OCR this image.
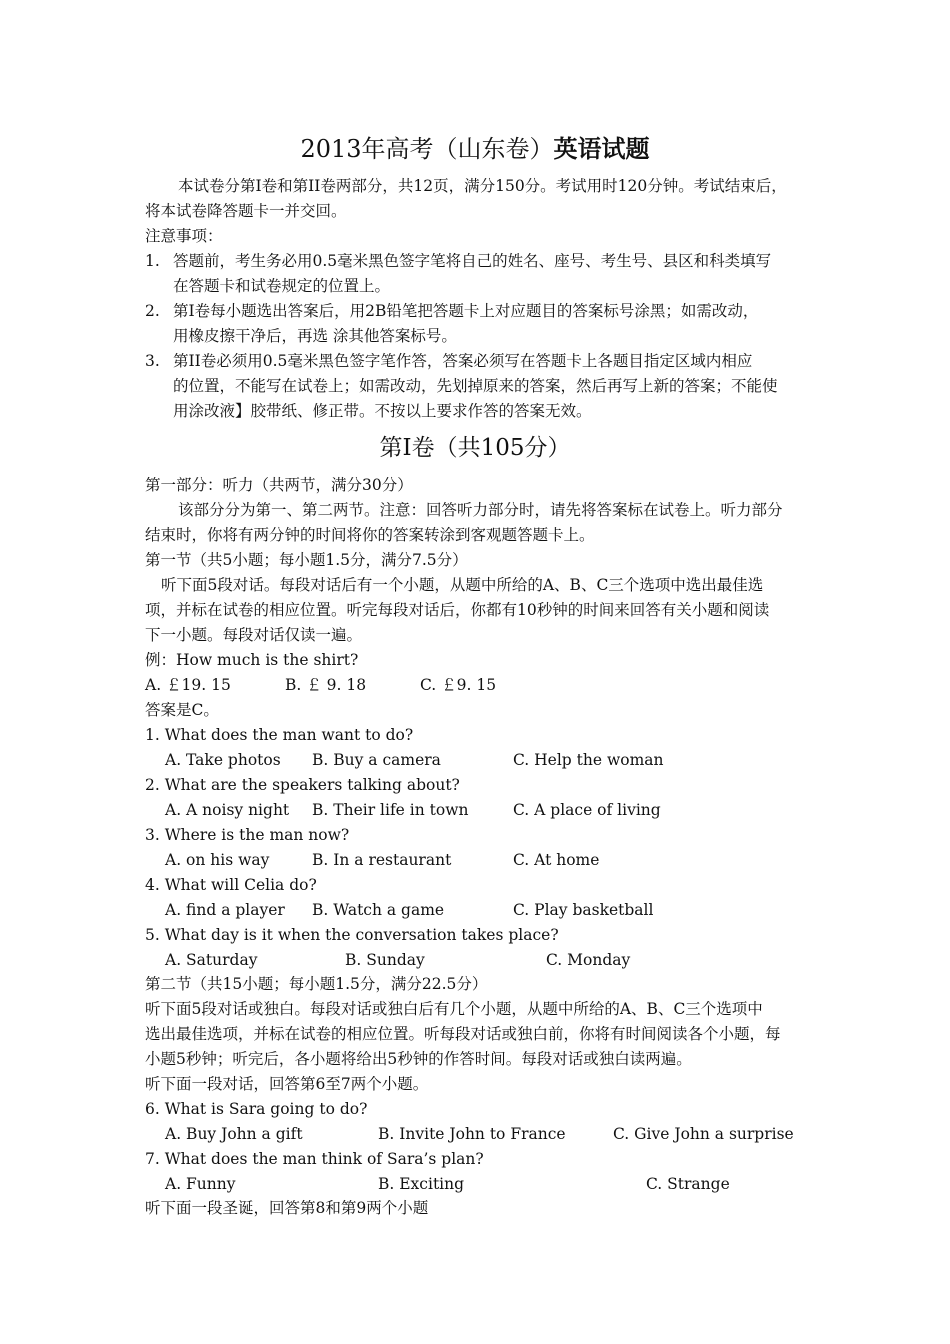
2013年高考（山东卷）英语试题
本试卷分第I卷和第II卷两部分，共12页，满分150分。考试用时120分钟。考试结束后，
将本试卷降答题卡一并交回。
注意事项：
1. 答题前，考生务必用0.5毫米黑色签字笔将自己的姓名、座号、考生号、县区和科类填写
在答题卡和试卷规定的位置上。
2. 第I卷每小题选出答案后，用2B铅笔把答题卡上对应题目的答案标号涂黑；如需改动，
用橡皮擦干净后，再选 涂其他答案标号。
3. 第II卷必须用0.5毫米黑色签字笔作答，答案必须写在答题卡上各题目指定区域内相应
的位置，不能写在试卷上；如需改动，先划掉原来的答案，然后再写上新的答案；不能使
用涂改液】胶带纸、修正带。不按以上要求作答的答案无效。
第I卷（共105分）
第一部分：听力（共两节，满分30分）
该部分分为第一、第二两节。注意：回答听力部分时，请先将答案标在试卷上。听力部分
结束时，你将有两分钟的时间将你的答案转涂到客观题答题卡上。
第一节（共5小题；每小题1.5分，满分7.5分）
听下面5段对话。每段对话后有一个小题，从题中所给的A、B、C三个选项中选出最佳选
项，并标在试卷的相应位置。听完每段对话后，你都有10秒钟的时间来回答有关小题和阅读
下一小题。每段对话仅读一遍。
例：How much is the shirt?
A. ￡19. 15	B. ￡ 9. 18	C. ￡9. 15
答案是C。
1. What does the man want to do?
A. Take photos B. Buy a camera	C. Help the woman
2. What are the speakers talking about?
A. A noisy night B. Their life in town	C. A place of living
3. Where is the man now?
A. on his way	B. In a restaurant	C. At home
4. What will Celia do?
A. find a player B. Watch a game	C. Play basketball
5. What day is it when the conversation takes place?
A. Saturday	B. Sunday	C. Monday
第二节（共15小题；每小题1.5分，满分22.5分）
听下面5段对话或独白。每段对话或独白后有几个小题，从题中所给的A、B、C三个选项中
选出最佳选项，并标在试卷的相应位置。听每段对话或独白前，你将有时间阅读各个小题，每
小题5秒钟；听完后，各小题将给出5秒钟的作答时间。每段对话或独白读两遍。
听下面一段对话，回答第6至7两个小题。
6. What is Sara going to do?
A. Buy John a gift	B. Invite John to France	C. Give John a surprise
7. What does the man think of Sara’s plan?
A. Funny	B. Exciting	C. Strange
听下面一段圣诞，回答第8和第9两个小题
